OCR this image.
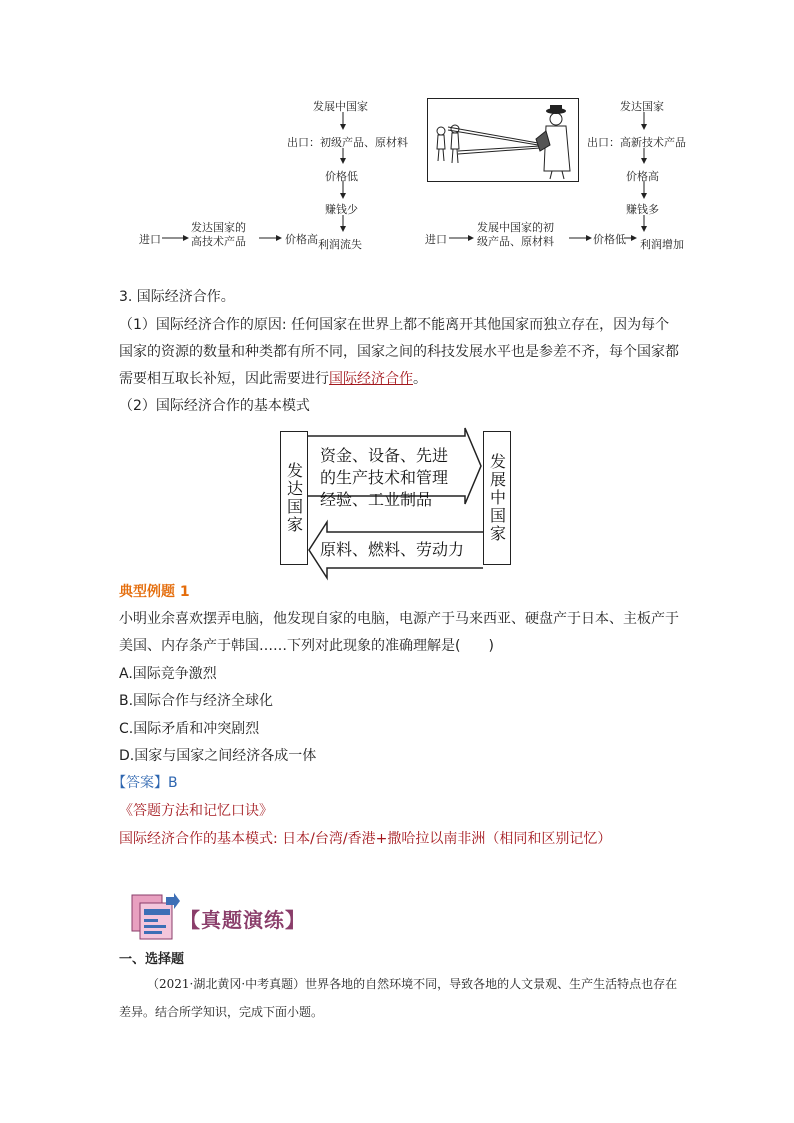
发展中国家
出口：初级产品、原材料
价格低
赚钱少
进口
发达国家的
高技术产品	价格高 利润流失
发达国家
出口：高新技术产品
价格高
赚钱多
进口
发展中国家的初
级产品、原材料	价格低 利润增加
3. 国际经济合作。
（1）国际经济合作的原因: 任何国家在世界上都不能离开其他国家而独立存在，因为每个国家的资源的数量和种类都有所不同，国家之间的科技发展水平也是参差不齐，每个国家都需要相互取长补短，因此需要进行国际经济合作。
（2）国际经济合作的基本模式
发达国家	发展中国家
资金、设备、先进
的生产技术和管理
经验、工业制品
原料、燃料、劳动力
典型例题 1
小明业余喜欢摆弄电脑，他发现自家的电脑，电源产于马来西亚、硬盘产于日本、主板产于美国、内存条产于韩国……下列对此现象的准确理解是(　　)
A.国际竞争激烈
B.国际合作与经济全球化
C.国际矛盾和冲突剧烈
D.国家与国家之间经济各成一体
【答案】B
《答题方法和记忆口诀》
国际经济合作的基本模式: 日本/台湾/香港+撒哈拉以南非洲（相同和区别记忆）
【真题演练】
一、选择题
（2021·湖北黄冈·中考真题）世界各地的自然环境不同，导致各地的人文景观、生产生活特点也存在差异。结合所学知识，完成下面小题。
